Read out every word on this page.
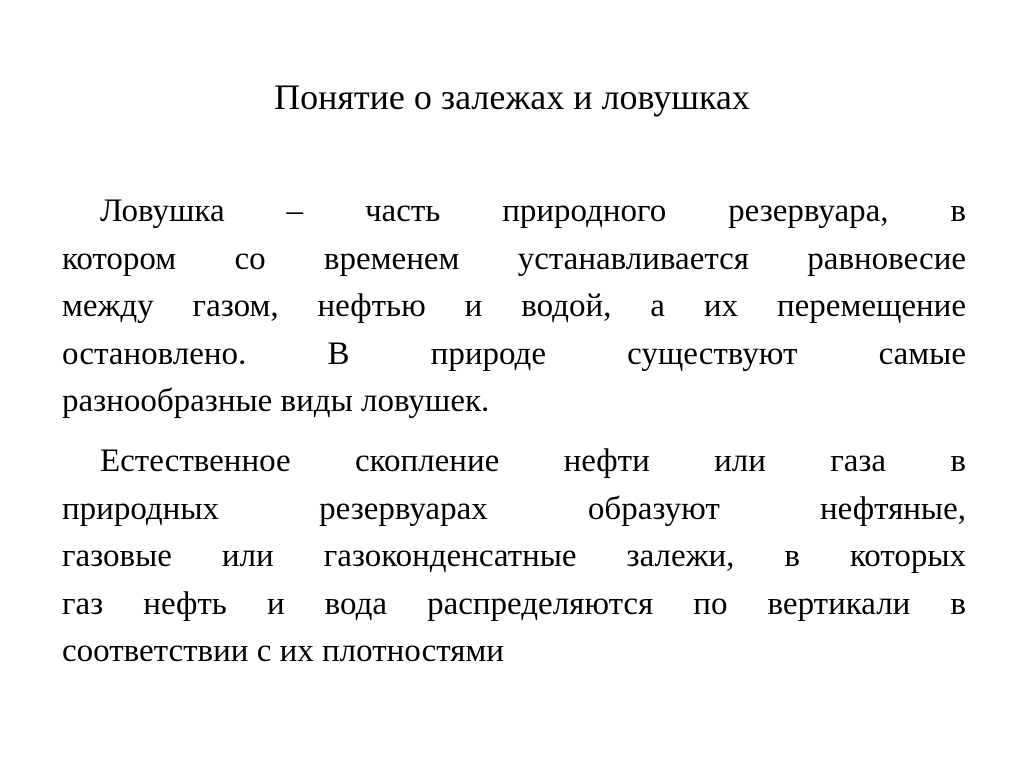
Понятие о залежах и ловушках
Ловушка – часть природного резервуара, в
котором со временем устанавливается равновесие
между газом, нефтью и водой, а их перемещение
остановлено. В природе существуют самые
разнообразные виды ловушек.
Естественное скопление нефти или газа в
природных резервуарах образуют нефтяные,
газовые или газоконденсатные залежи, в которых
газ нефть и вода распределяются по вертикали в
соответствии с их плотностями
